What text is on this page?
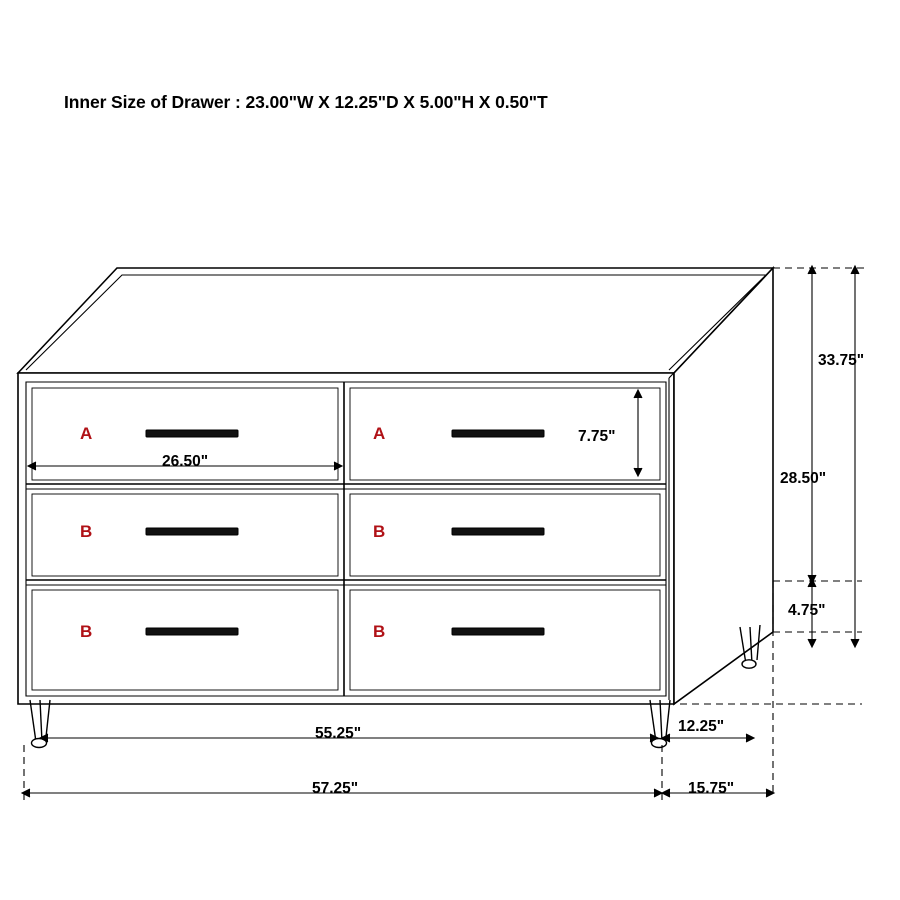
Inner Size of Drawer : 23.00"W X 12.25"D X 5.00"H X 0.50"T
A	A
B	B
B	B
33.75"
28.50"
4.75"
7.75"
26.50"
55.25"	12.25"
57.25"	15.75"
